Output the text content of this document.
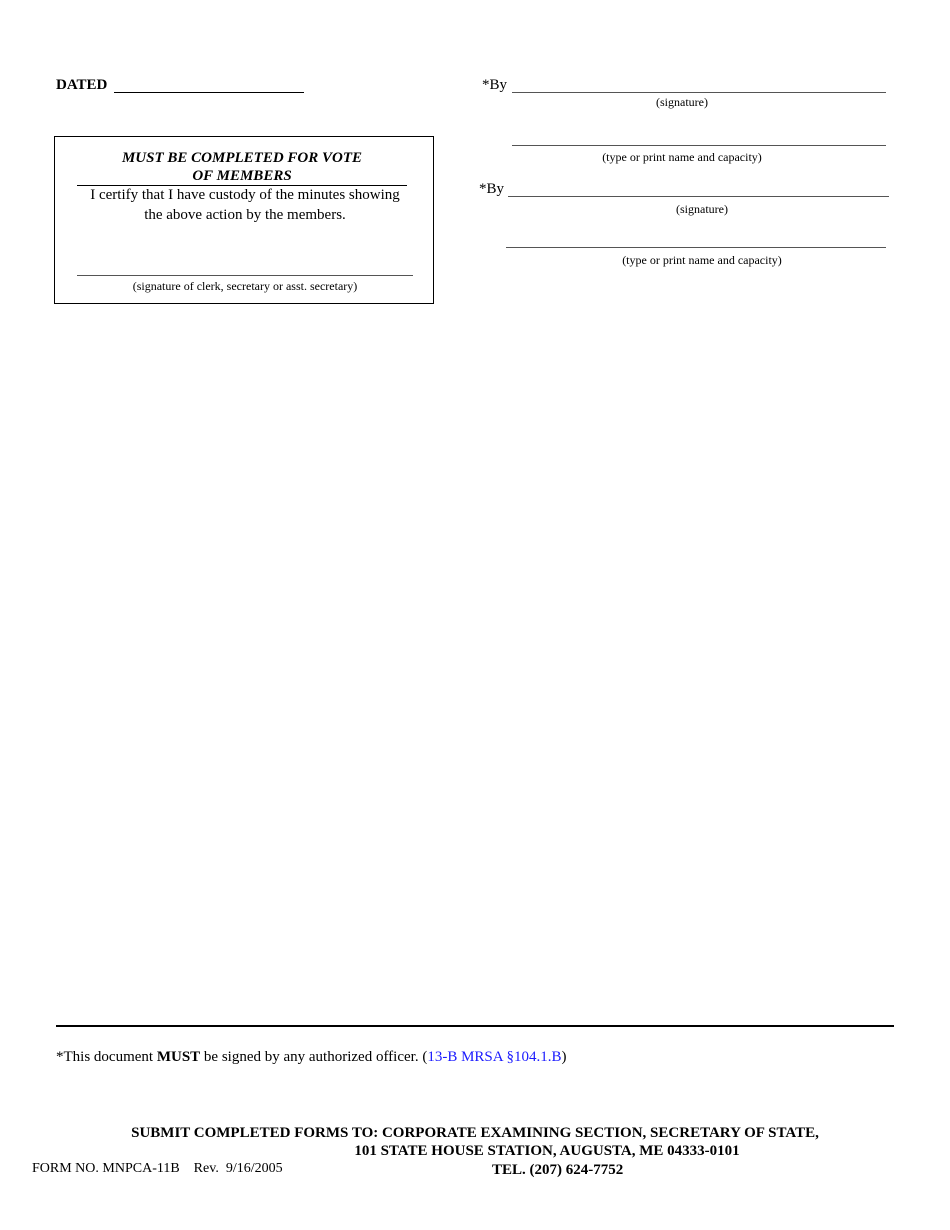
DATED	*By
(signature)
(type or print name and capacity)
*By
(signature)
(type or print name and capacity)
MUST BE COMPLETED FOR VOTE
OF MEMBERS
I certify that I have custody of the minutes showing
the above action by the members.
(signature of clerk, secretary or asst. secretary)
*This document MUST be signed by any authorized officer. (13-B MRSA §104.1.B)
SUBMIT COMPLETED FORMS TO: CORPORATE EXAMINING SECTION, SECRETARY OF STATE,
101 STATE HOUSE STATION, AUGUSTA, ME 04333-0101
FORM NO. MNPCA-11B    Rev.  9/16/2005	TEL. (207) 624-7752
